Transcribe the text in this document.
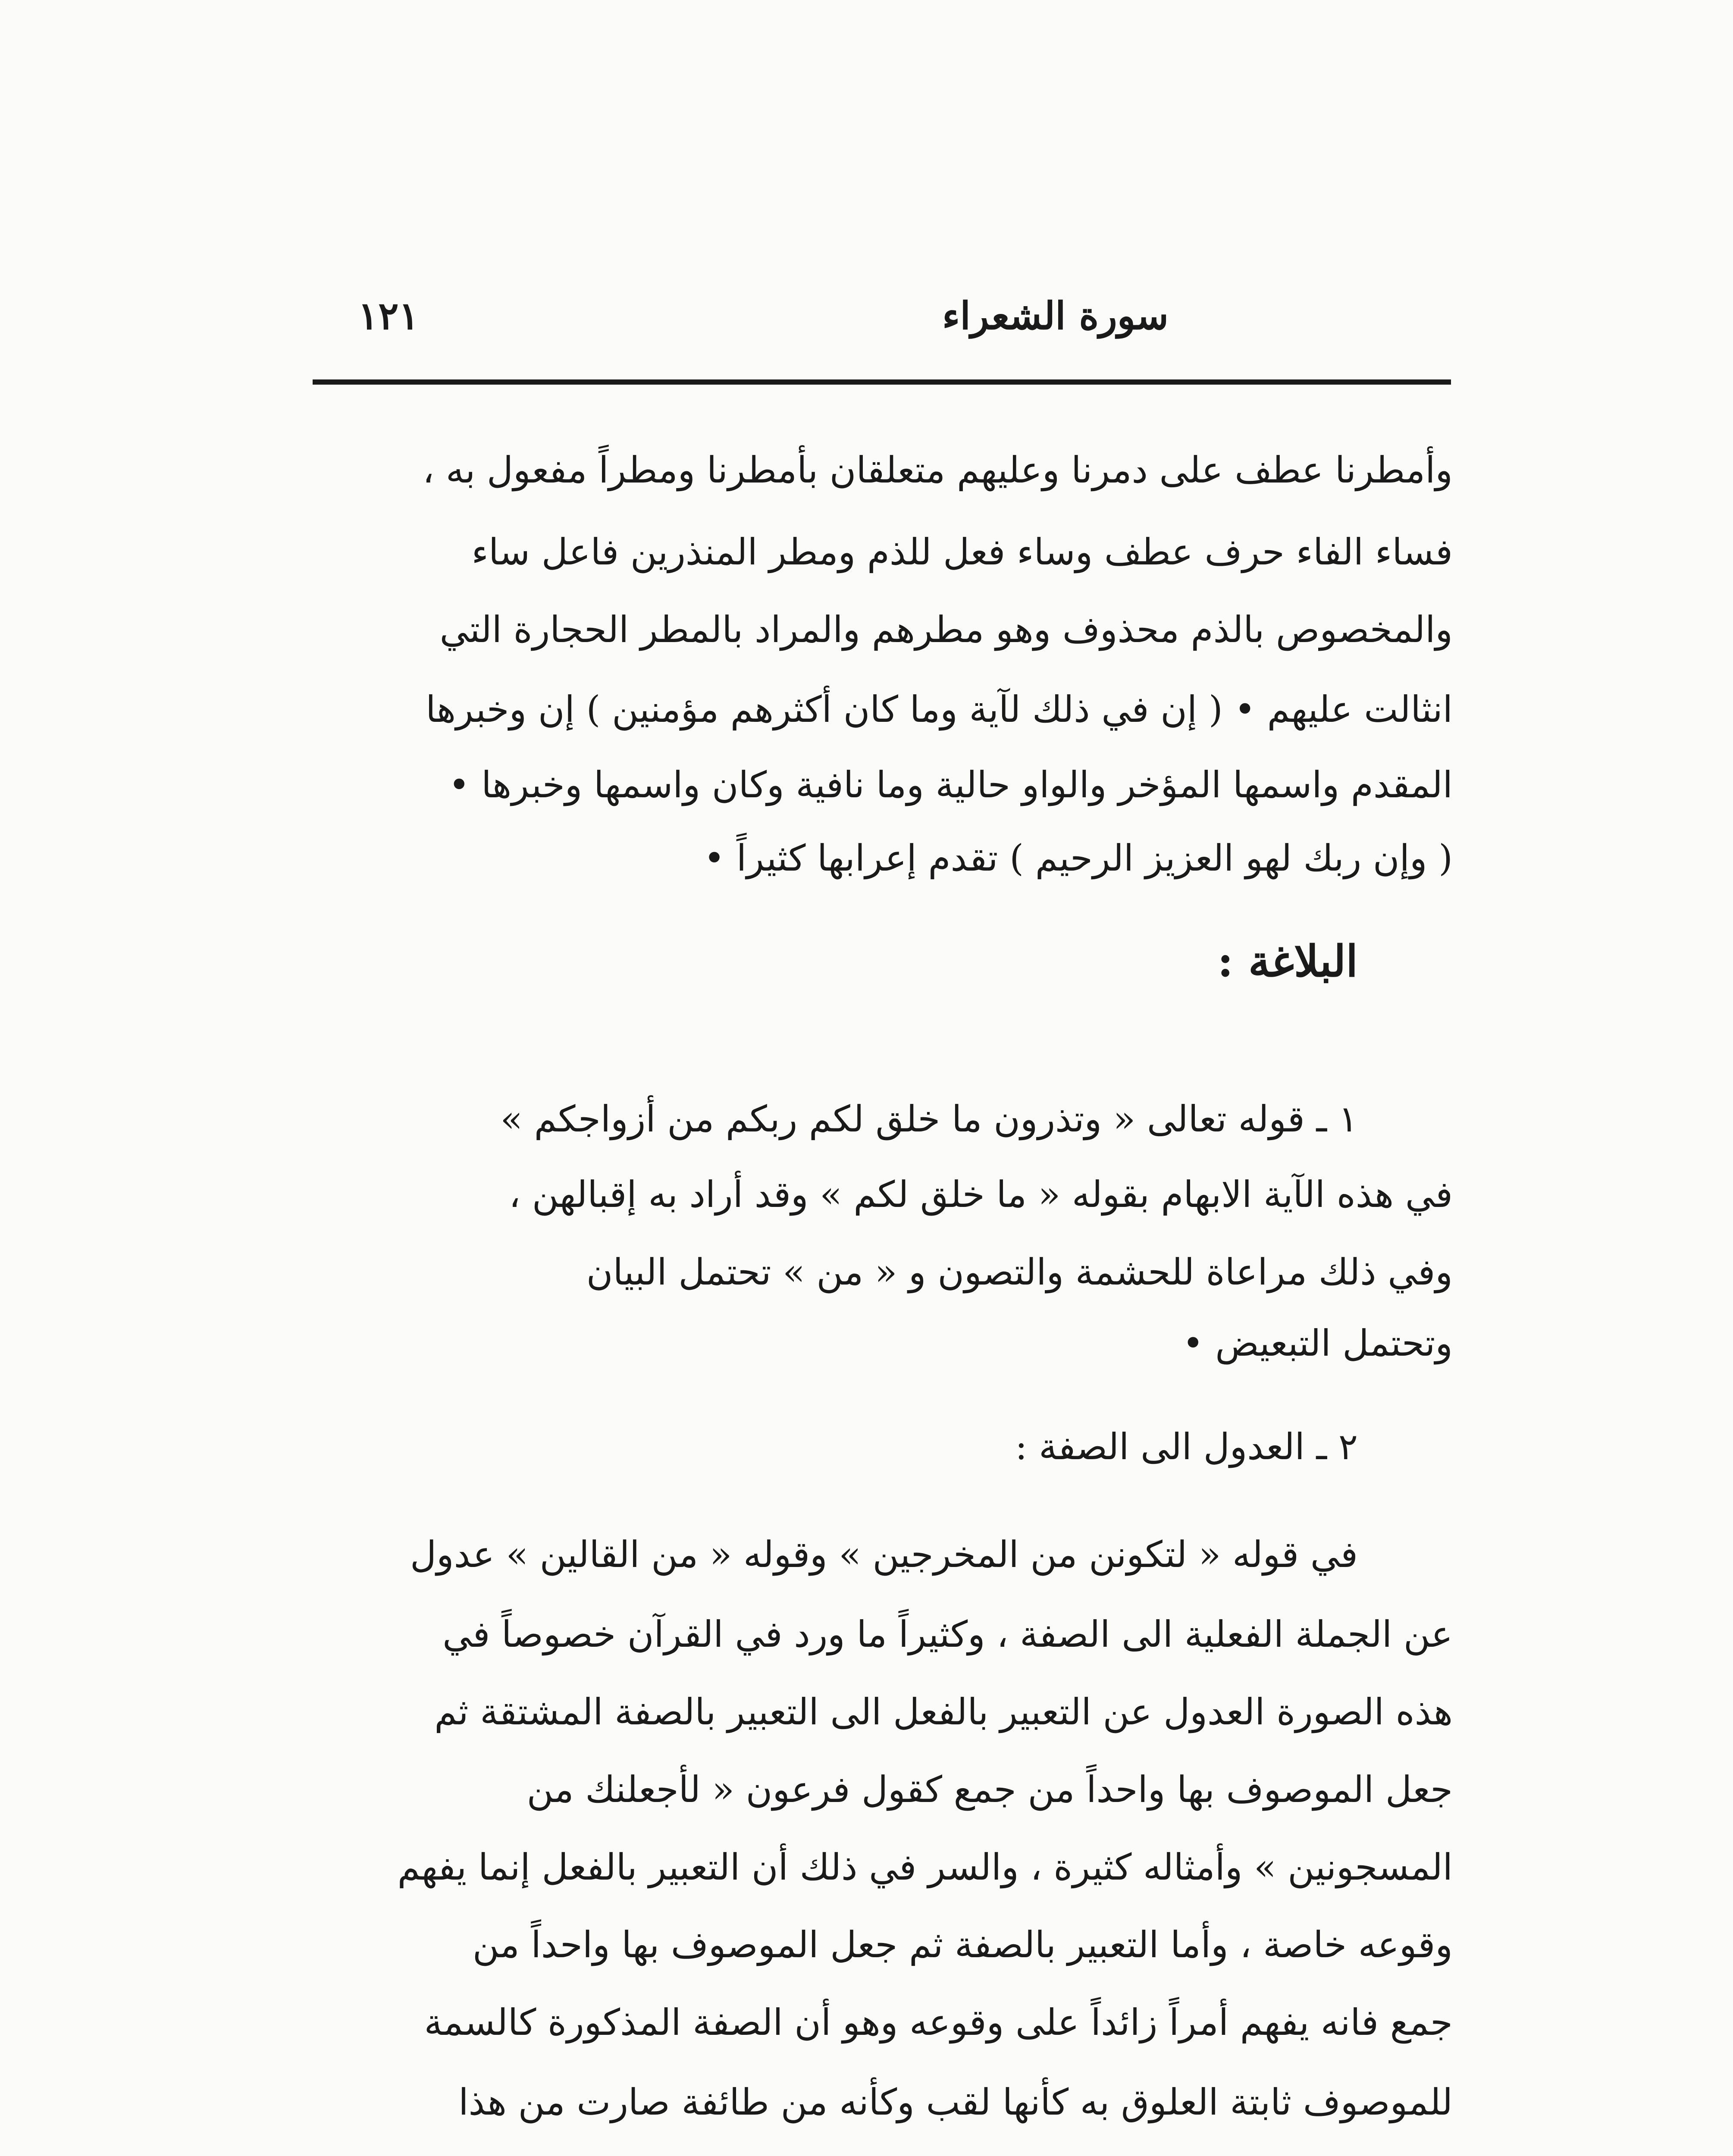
سورة الشعراء
١٢١
وأمطرنا عطف على دمرنا وعليهم متعلقان بأمطرنا ومطراً مفعول به ،
فساء الفاء حرف عطف وساء فعل للذم ومطر المنذرين فاعل ساء
والمخصوص بالذم محذوف وهو مطرهم والمراد بالمطر الحجارة التي
انثالت عليهم • ( إن في ذلك لآية وما كان أكثرهم مؤمنين ) إن وخبرها
المقدم واسمها المؤخر والواو حالية وما نافية وكان واسمها وخبرها •
( وإن ربك لهو العزيز الرحيم ) تقدم إعرابها كثيراً •
البلاغة :
١ ـ قوله تعالى « وتذرون ما خلق لكم ربكم من أزواجكم »
في هذه الآية الابهام بقوله « ما خلق لكم » وقد أراد به إقبالهن ،
وفي ذلك مراعاة للحشمة والتصون و « من » تحتمل البيان
وتحتمل التبعيض •
٢ ـ العدول الى الصفة :
في قوله « لتكونن من المخرجين » وقوله « من القالين » عدول
عن الجملة الفعلية الى الصفة ، وكثيراً ما ورد في القرآن خصوصاً في
هذه الصورة العدول عن التعبير بالفعل الى التعبير بالصفة المشتقة ثم
جعل الموصوف بها واحداً من جمع كقول فرعون « لأجعلنك من
المسجونين » وأمثاله كثيرة ، والسر في ذلك أن التعبير بالفعل إنما يفهم
وقوعه خاصة ، وأما التعبير بالصفة ثم جعل الموصوف بها واحداً من
جمع فانه يفهم أمراً زائداً على وقوعه وهو أن الصفة المذكورة كالسمة
للموصوف ثابتة العلوق به كأنها لقب وكأنه من طائفة صارت من هذا
